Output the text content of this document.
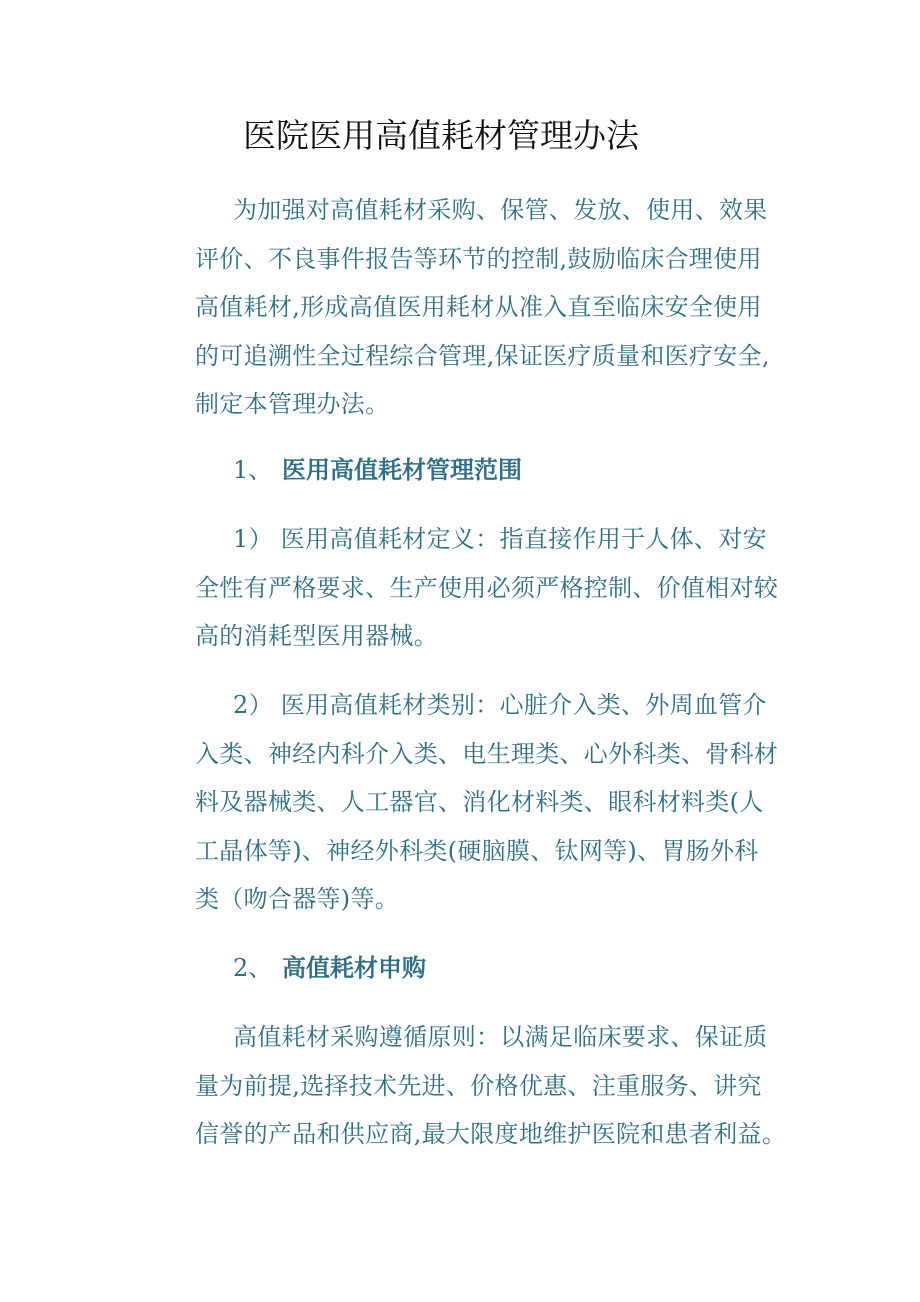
医院医用高值耗材管理办法
为加强对高值耗材采购、保管、发放、使用、效果
评价、不良事件报告等环节的控制,鼓励临床合理使用
高值耗材,形成高值医用耗材从准入直至临床安全使用
的可追溯性全过程综合管理,保证医疗质量和医疗安全,
制定本管理办法。
1、 医用高值耗材管理范围
1） 医用高值耗材定义：指直接作用于人体、对安
全性有严格要求、生产使用必须严格控制、价值相对较
高的消耗型医用器械。
2） 医用高值耗材类别：心脏介入类、外周血管介
入类、神经内科介入类、电生理类、心外科类、骨科材
料及器械类、人工器官、消化材料类、眼科材料类(人
工晶体等)、神经外科类(硬脑膜、钛网等)、胃肠外科
类（吻合器等)等。
2、 高值耗材申购
高值耗材采购遵循原则：以满足临床要求、保证质
量为前提,选择技术先进、价格优惠、注重服务、讲究
信誉的产品和供应商,最大限度地维护医院和患者利益。
